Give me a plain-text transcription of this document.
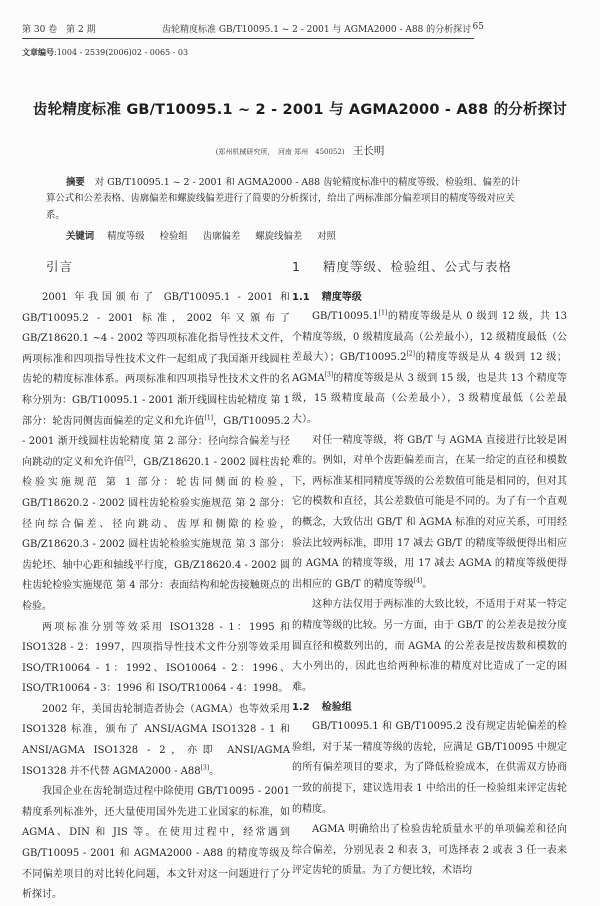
第 30 卷　第 2 期	齿轮精度标准 GB/T10095.1 ~ 2 - 2001 与 AGMA2000 - A88 的分析探讨 65
文章编号:1004 - 2539(2006)02 - 0065 - 03
齿轮精度标准 GB/T10095.1 ~ 2 - 2001 与 AGMA2000 - A88 的分析探讨
(郑州机械研究所，　河南 郑州　450052) 王长明
摘要 对 GB/T10095.1 ~ 2 - 2001 和 AGMA2000 - A88 齿轮精度标准中的精度等级、检验组、偏差的计算公式和公差表格、齿廓偏差和螺旋线偏差进行了简要的分析探讨，给出了两标准部分偏差项目的精度等级对应关系。
关键词 精度等级 检验组 齿廓偏差 螺旋线偏差 对照
引言

2001 年我国颁布了 GB/T10095.1 - 2001 和 GB/T10095.2 - 2001 标准，2002 年又颁布了 GB/Z18620.1 ~4 - 2002 等四项标准化指导性技术文件，两项标准和四项指导性技术文件一起组成了我国渐开线圆柱齿轮的精度标准体系。两项标准和四项指导性技术文件的名称分别为：GB/T10095.1 - 2001 渐开线圆柱齿轮精度 第 1 部分：轮齿同侧齿面偏差的定义和允许值[1]，GB/T10095.2 - 2001 渐开线圆柱齿轮精度 第 2 部分：径向综合偏差与径向跳动的定义和允许值[2]，GB/Z18620.1 - 2002 圆柱齿轮检验实施规范 第 1 部分：轮齿同侧面的检验，GB/T18620.2 - 2002 圆柱齿轮检验实施规范 第 2 部分：径向综合偏差、径向跳动、齿厚和侧隙的检验，GB/Z18620.3 - 2002 圆柱齿轮检验实施规范 第 3 部分：齿轮坯、轴中心距和轴线平行度，GB/Z18620.4 - 2002 圆柱齿轮检验实施规范 第 4 部分：表面结构和轮齿接触斑点的检验。

两项标准分别等效采用 ISO1328 - 1：1995 和 ISO1328 - 2：1997，四项指导性技术文件分别等效采用 ISO/TR10064 - 1：1992、ISO10064 - 2：1996、ISO/TR10064 - 3：1996 和 ISO/TR10064 - 4：1998。

2002 年，美国齿轮制造者协会（AGMA）也等效采用 ISO1328 标准，颁布了 ANSI/AGMA ISO1328 - 1 和 ANSI/AGMA ISO1328 - 2，亦即 ANSI/AGMA ISO1328 并不代替 AGMA2000 - A88[3]。

我国企业在齿轮制造过程中除使用 GB/T10095 - 2001 精度系列标准外，还大量使用国外先进工业国家的标准，如 AGMA、DIN 和 JIS 等。在使用过程中，经常遇到 GB/T10095 - 2001 和 AGMA2000 - A88 的精度等级及不同偏差项目的对比转化问题，本文针对这一问题进行了分析探讨。

1 精度等级、检验组、公式与表格
1.1 精度等级

GB/T10095.1[1]的精度等级是从 0 级到 12 级，共 13 个精度等级，0 级精度最高（公差最小），12 级精度最低（公差最大）；GB/T10095.2[2]的精度等级是从 4 级到 12 级；AGMA[3]的精度等级是从 3 级到 15 级，也是共 13 个精度等级，15 级精度最高（公差最小），3 级精度最低（公差最大）。

对任一精度等级，将 GB/T 与 AGMA 直接进行比较是困难的。例如，对单个齿距偏差而言，在某一给定的直径和模数下，两标准某相同精度等级的公差数值可能是相同的，但对其它的模数和直径，其公差数值可能是不同的。为了有一个直观的概念，大致估出 GB/T 和 AGMA 标准的对应关系，可用经验法比较两标准，即用 17 减去 GB/T 的精度等级便得出相应的 AGMA 的精度等级，用 17 减去 AGMA 的精度等级便得出相应的 GB/T 的精度等级[4]。

这种方法仅用于两标准的大致比较，不适用于对某一特定的精度等级的比较。另一方面，由于 GB/T 的公差表是按分度圆直径和模数列出的，而 AGMA 的公差表是按齿数和模数的大小列出的，因此也给两种标准的精度对比造成了一定的困难。

1.2 检验组

GB/T10095.1 和 GB/T10095.2 没有规定齿轮偏差的检验组，对于某一精度等级的齿轮，应满足 GB/T10095 中规定的所有偏差项目的要求，为了降低检验成本，在供需双方协商一致的前提下，建议选用表 1 中给出的任一检验组来评定齿轮的精度。

AGMA 明确给出了检验齿轮质量水平的单项偏差和径向综合偏差，分别见表 2 和表 3，可选择表 2 或表 3 任一表来评定齿轮的质量。为了方便比较，术语均
